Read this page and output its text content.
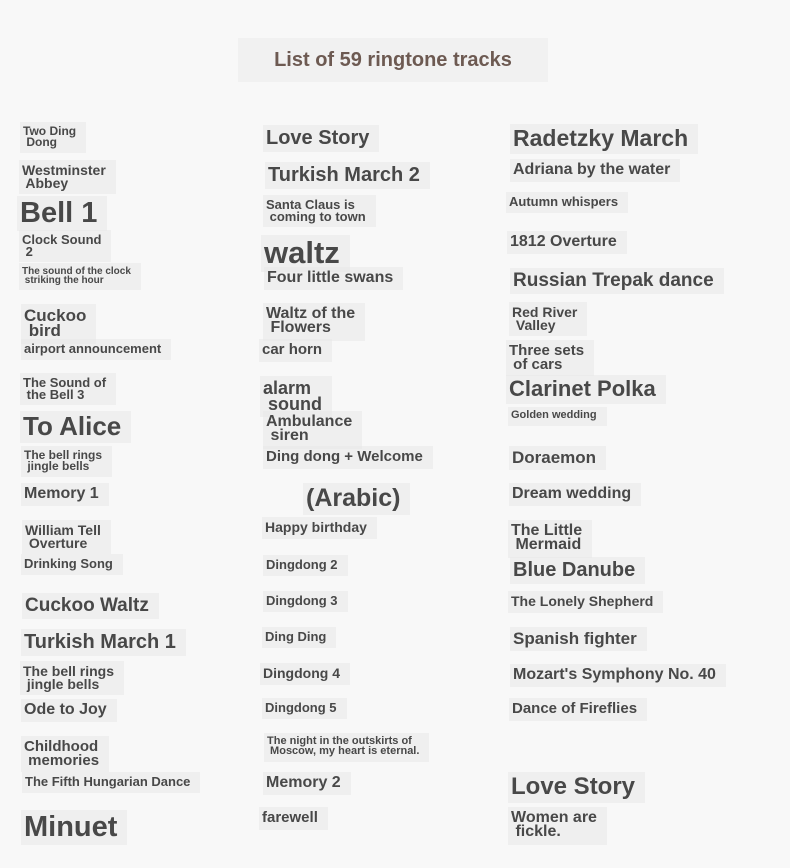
List of 59 ringtone tracks
Two Ding
Dong
Westminster
Abbey
Bell 1
Clock Sound
2
The sound of the clock
striking the hour
Cuckoo
bird
airport announcement
The Sound of
the Bell 3
To Alice
The bell rings
jingle bells
Memory 1
William Tell
Overture
Drinking Song
Cuckoo Waltz
Turkish March 1
The bell rings
jingle bells
Ode to Joy
Childhood
memories
The Fifth Hungarian Dance
Minuet
Love Story
Turkish March 2
Santa Claus is
coming to town
waltz
Four little swans
Waltz of the
Flowers
car horn
alarm
sound
Ambulance
siren
Ding dong + Welcome
(Arabic)
Happy birthday
Dingdong 2
Dingdong 3
Ding Ding
Dingdong 4
Dingdong 5
The night in the outskirts of
Moscow, my heart is eternal.
Memory 2
farewell
Radetzky March
Adriana by the water
Autumn whispers
1812 Overture
Russian Trepak dance
Red River
Valley
Three sets
of cars
Clarinet Polka
Golden wedding
Doraemon
Dream wedding
The Little
Mermaid
Blue Danube
The Lonely Shepherd
Spanish fighter
Mozart's Symphony No. 40
Dance of Fireflies
Love Story
Women are
fickle.
